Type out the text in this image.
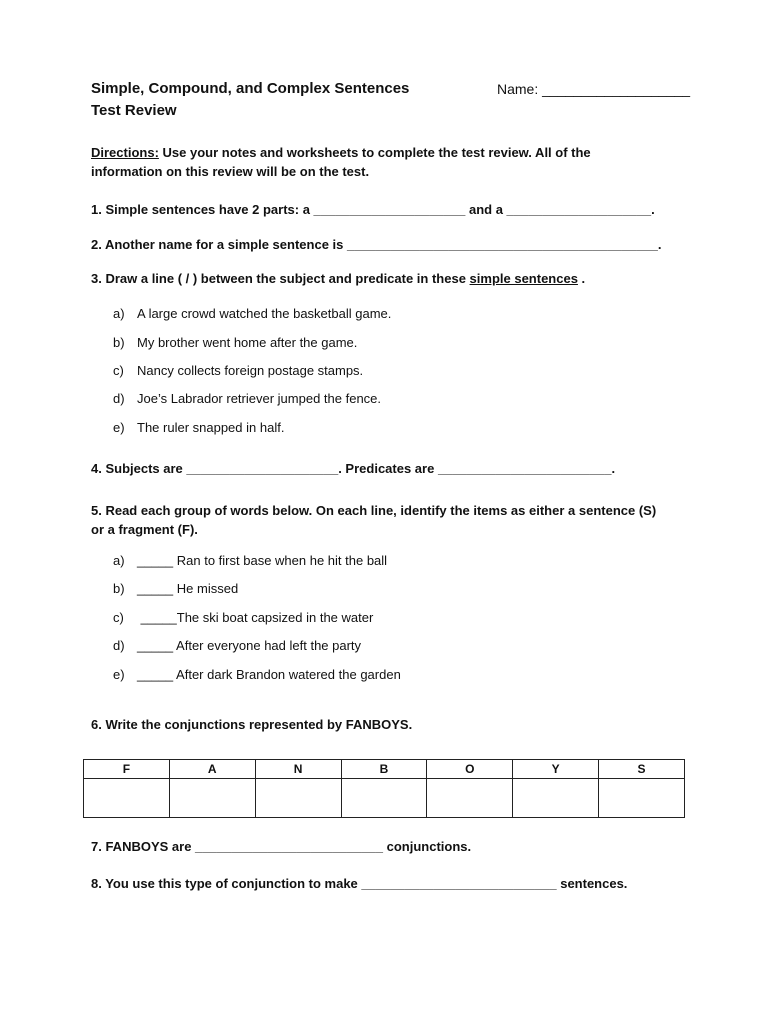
Simple, Compound, and Complex Sentences
Test Review
Name: ___________________
Directions: Use your notes and worksheets to complete the test review. All of the
information on this review will be on the test.
1. Simple sentences have 2 parts: a _____________________ and a ____________________.
2. Another name for a simple sentence is ___________________________________________.
3. Draw a line ( / ) between the subject and predicate in these simple sentences .
a) A large crowd watched the basketball game.
b) My brother went home after the game.
c) Nancy collects foreign postage stamps.
d) Joe’s Labrador retriever jumped the fence.
e) The ruler snapped in half.
4. Subjects are _____________________. Predicates are ________________________.
5. Read each group of words below. On each line, identify the items as either a sentence (S)
or a fragment (F).
a) _____ Ran to first base when he hit the ball
b) _____ He missed
c) _____The ski boat capsized in the water
d) _____ After everyone had left the party
e) _____ After dark Brandon watered the garden
6. Write the conjunctions represented by FANBOYS.
F	A	N	B	O	Y	S

7. FANBOYS are __________________________ conjunctions.
8. You use this type of conjunction to make ___________________________ sentences.
